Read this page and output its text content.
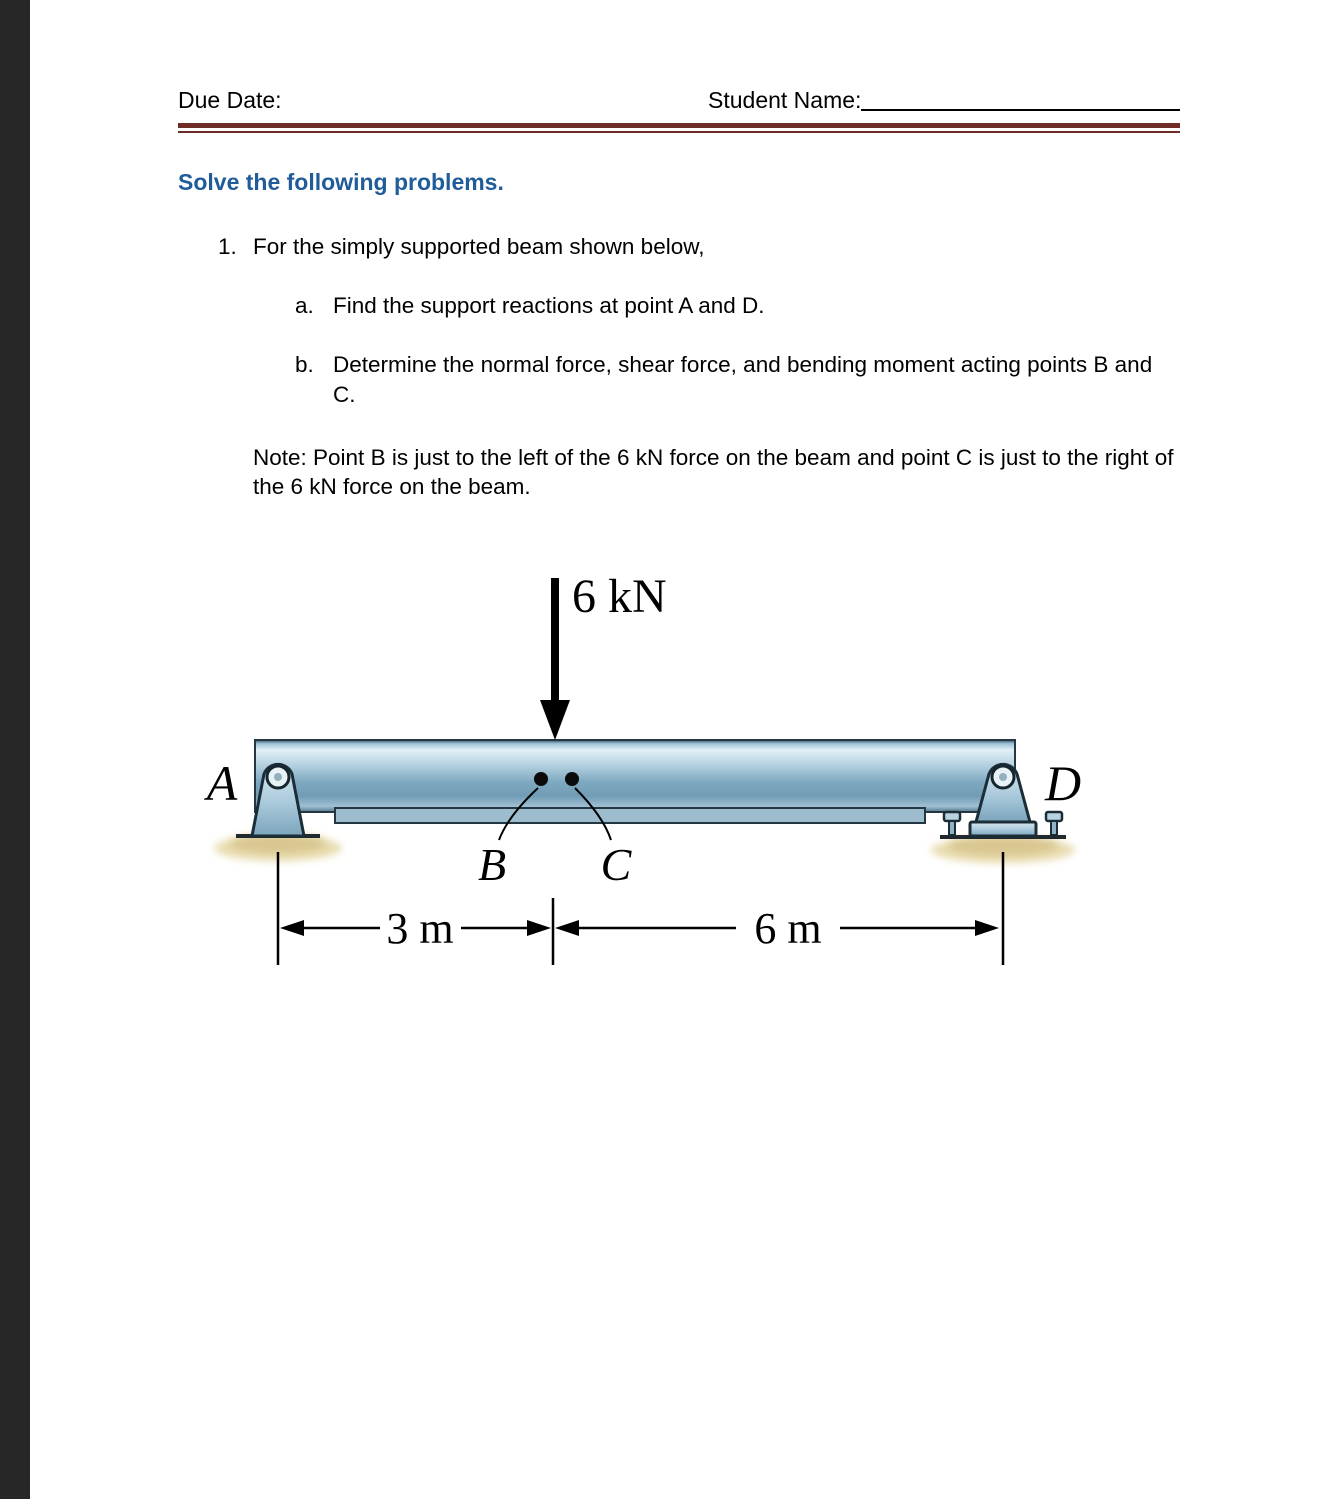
Due Date:	Student Name:
Solve the following problems.
1. For the simply supported beam shown below,
a. Find the support reactions at point A and D.
b. Determine the normal force, shear force, and bending moment acting points B and C.

Note: Point B is just to the left of the 6 kN force on the beam and point C is just to the right of the 6 kN force on the beam.

6 kN
B C
A	D
3 m	6 m
